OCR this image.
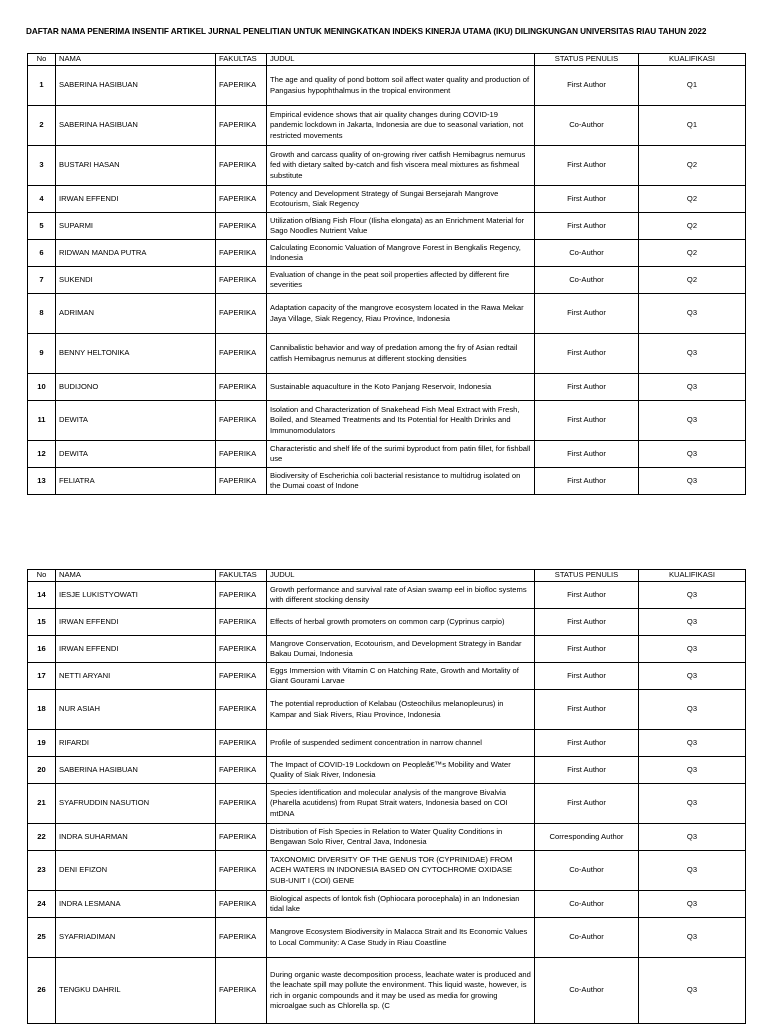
DAFTAR NAMA PENERIMA INSENTIF ARTIKEL JURNAL PENELITIAN UNTUK MENINGKATKAN INDEKS KINERJA UTAMA (IKU) DILINGKUNGAN UNIVERSITAS RIAU TAHUN 2022
No	NAMA	FAKULTAS	JUDUL	STATUS PENULIS	KUALIFIKASI
1	SABERINA HASIBUAN	FAPERIKA	The age and quality of pond bottom soil affect water quality and production of Pangasius hypophthalmus in the tropical environment	First Author	Q1
2	SABERINA HASIBUAN	FAPERIKA	Empirical evidence shows that air quality changes during COVID-19 pandemic lockdown in Jakarta, Indonesia are due to seasonal variation, not restricted movements	Co-Author	Q1
3	BUSTARI HASAN	FAPERIKA	Growth and carcass quality of on-growing river catfish Hemibagrus nemurus fed with dietary salted by-catch and fish viscera meal mixtures as fishmeal substitute	First Author	Q2
4	IRWAN EFFENDI	FAPERIKA	Potency and Development Strategy of Sungai Bersejarah Mangrove Ecotourism, Siak Regency	First Author	Q2
5	SUPARMI	FAPERIKA	Utilization ofBiang Fish Flour (Ilisha elongata) as an Enrichment Material for Sago Noodles Nutrient Value	First Author	Q2
6	RIDWAN MANDA PUTRA	FAPERIKA	Calculating Economic Valuation of Mangrove Forest in Bengkalis Regency, Indonesia	Co-Author	Q2
7	SUKENDI	FAPERIKA	Evaluation of change in the peat soil properties affected by different fire severities	Co-Author	Q2
8	ADRIMAN	FAPERIKA	Adaptation capacity of the mangrove ecosystem located in the Rawa Mekar Jaya Village, Siak Regency, Riau Province, Indonesia	First Author	Q3
9	BENNY HELTONIKA	FAPERIKA	Cannibalistic behavior and way of predation among the fry of Asian redtail catfish Hemibagrus nemurus at different stocking densities	First Author	Q3
10	BUDIJONO	FAPERIKA	Sustainable aquaculture in the Koto Panjang Reservoir, Indonesia	First Author	Q3
11	DEWITA	FAPERIKA	Isolation and Characterization of Snakehead Fish Meal Extract with Fresh, Boiled, and Steamed Treatments and Its Potential for Health Drinks and Immunomodulators	First Author	Q3
12	DEWITA	FAPERIKA	Characteristic and shelf life of the surimi byproduct from patin fillet, for fishball use	First Author	Q3
13	FELIATRA	FAPERIKA	Biodiversity of Escherichia coli bacterial resistance to multidrug isolated on the Dumai coast of Indone	First Author	Q3
No	NAMA	FAKULTAS	JUDUL	STATUS PENULIS	KUALIFIKASI
14	IESJE LUKISTYOWATI	FAPERIKA	Growth performance and survival rate of Asian swamp eel in biofloc systems with different stocking density	First Author	Q3
15	IRWAN EFFENDI	FAPERIKA	Effects of herbal growth promoters on common carp (Cyprinus carpio)	First Author	Q3
16	IRWAN EFFENDI	FAPERIKA	Mangrove Conservation, Ecotourism, and Development Strategy in Bandar Bakau Dumai, Indonesia	First Author	Q3
17	NETTI ARYANI	FAPERIKA	Eggs Immersion with Vitamin C on Hatching Rate, Growth and Mortality of Giant Gourami Larvae	First Author	Q3
18	NUR ASIAH	FAPERIKA	The potential reproduction of Kelabau (Osteochilus melanopleurus) in Kampar and Siak Rivers, Riau Province, Indonesia	First Author	Q3
19	RIFARDI	FAPERIKA	Profile of suspended sediment concentration in narrow channel	First Author	Q3
20	SABERINA HASIBUAN	FAPERIKA	The Impact of COVID-19 Lockdown on Peopleâ€™s Mobility and Water Quality of Siak River, Indonesia	First Author	Q3
21	SYAFRUDDIN NASUTION	FAPERIKA	Species identification and molecular analysis of the mangrove Bivalvia (Pharella acutidens) from Rupat Strait waters, Indonesia based on COI mtDNA	First Author	Q3
22	INDRA SUHARMAN	FAPERIKA	Distribution of Fish Species in Relation to Water Quality Conditions in Bengawan Solo River, Central Java, Indonesia	Corresponding Author	Q3
23	DENI EFIZON	FAPERIKA	TAXONOMIC DIVERSITY OF THE GENUS TOR (CYPRINIDAE) FROM ACEH WATERS IN INDONESIA BASED ON CYTOCHROME OXIDASE SUB-UNIT I (COI) GENE	Co-Author	Q3
24	INDRA LESMANA	FAPERIKA	Biological aspects of lontok fish (Ophiocara porocephala) in an Indonesian tidal lake	Co-Author	Q3
25	SYAFRIADIMAN	FAPERIKA	Mangrove Ecosystem Biodiversity in Malacca Strait and Its Economic Values to Local Community: A Case Study in Riau Coastline	Co-Author	Q3
26	TENGKU DAHRIL	FAPERIKA	During organic waste decomposition process, leachate water is produced and the leachate spill may pollute the environment. This liquid waste, however, is rich in organic compounds and it may be used as media for growing microalgae such as Chlorella sp. (C	Co-Author	Q3
